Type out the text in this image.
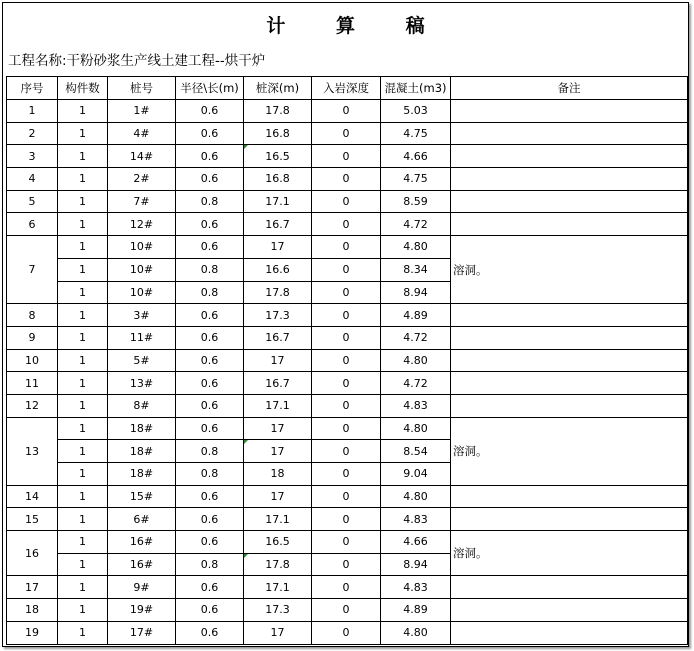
计 算 稿
工程名称:干粉砂浆生产线土建工程--烘干炉
序号	构件数	桩号	半径\长(m)	桩深(m)	入岩深度	混凝土(m3)	备注
1	1	1#	0.6	17.8	0	5.03	
2	1	4#	0.6	16.8	0	4.75	
3	1	14#	0.6	16.5	0	4.66	
4	1	2#	0.6	16.8	0	4.75	
5	1	7#	0.8	17.1	0	8.59	
6	1	12#	0.6	16.7	0	4.72	
7	1	10#	0.6	17	0	4.80	溶洞。
	1	10#	0.8	16.6	0	8.34	
	1	10#	0.8	17.8	0	8.94	
8	1	3#	0.6	17.3	0	4.89	
9	1	11#	0.6	16.7	0	4.72	
10	1	5#	0.6	17	0	4.80	
11	1	13#	0.6	16.7	0	4.72	
12	1	8#	0.6	17.1	0	4.83	
13	1	18#	0.6	17	0	4.80	溶洞。
	1	18#	0.8	17	0	8.54	
	1	18#	0.8	18	0	9.04	
14	1	15#	0.6	17	0	4.80	
15	1	6#	0.6	17.1	0	4.83	
16	1	16#	0.6	16.5	0	4.66	溶洞。
	1	16#	0.8	17.8	0	8.94	
17	1	9#	0.6	17.1	0	4.83	
18	1	19#	0.6	17.3	0	4.89	
19	1	17#	0.6	17	0	4.80	
